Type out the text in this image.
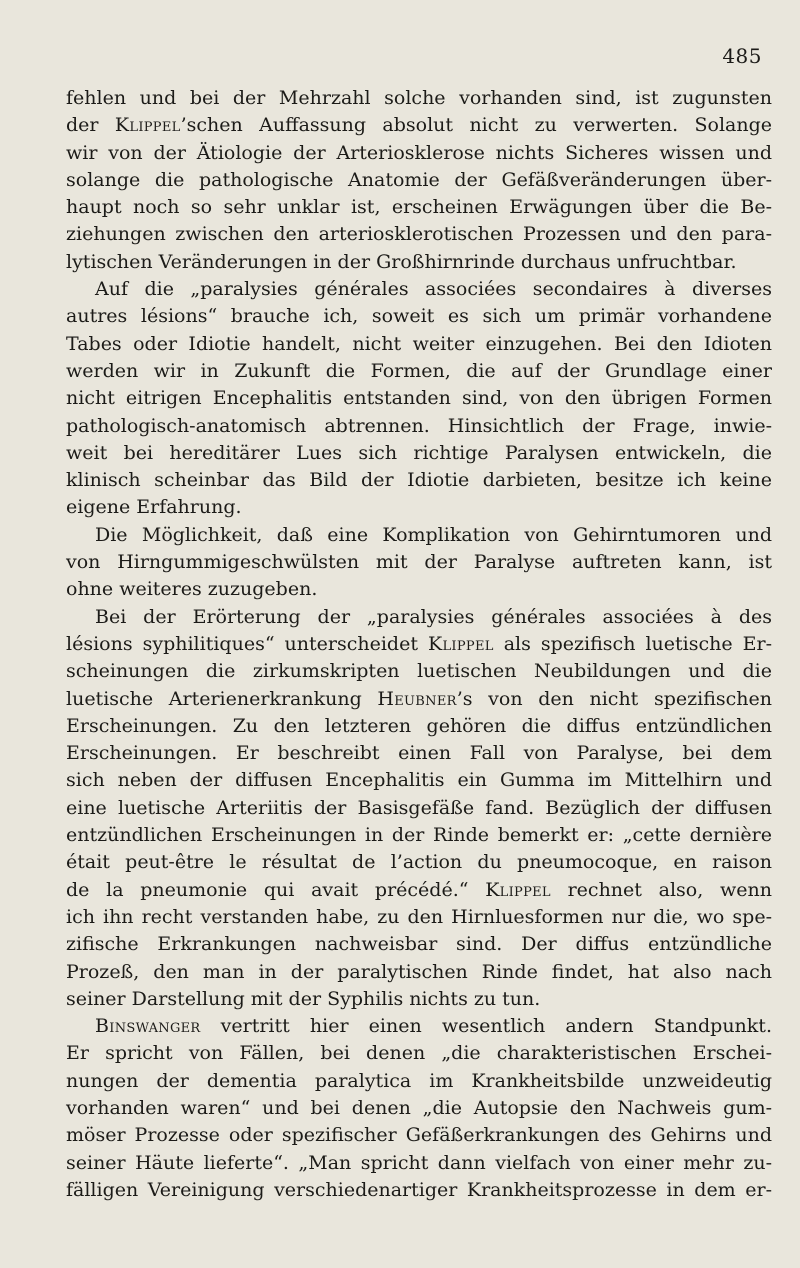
485
fehlen und bei der Mehrzahl solche vorhanden sind, ist zugunsten
der Klippel’schen Auffassung absolut nicht zu verwerten. Solange
wir von der Ätiologie der Arteriosklerose nichts Sicheres wissen und
solange die pathologische Anatomie der Gefäßveränderungen über-
haupt noch so sehr unklar ist, erscheinen Erwägungen über die Be-
ziehungen zwischen den arteriosklerotischen Prozessen und den para-
lytischen Veränderungen in der Großhirnrinde durchaus unfruchtbar.
Auf die „paralysies générales associées secondaires à diverses
autres lésions“ brauche ich, soweit es sich um primär vorhandene
Tabes oder Idiotie handelt, nicht weiter einzugehen. Bei den Idioten
werden wir in Zukunft die Formen, die auf der Grundlage einer
nicht eitrigen Encephalitis entstanden sind, von den übrigen Formen
pathologisch-anatomisch abtrennen. Hinsichtlich der Frage, inwie-
weit bei hereditärer Lues sich richtige Paralysen entwickeln, die
klinisch scheinbar das Bild der Idiotie darbieten, besitze ich keine
eigene Erfahrung.
Die Möglichkeit, daß eine Komplikation von Gehirntumoren und
von Hirngummigeschwülsten mit der Paralyse auftreten kann, ist
ohne weiteres zuzugeben.
Bei der Erörterung der „paralysies générales associées à des
lésions syphilitiques“ unterscheidet Klippel als spezifisch luetische Er-
scheinungen die zirkumskripten luetischen Neubildungen und die
luetische Arterienerkrankung Heubner’s von den nicht spezifischen
Erscheinungen. Zu den letzteren gehören die diffus entzündlichen
Erscheinungen. Er beschreibt einen Fall von Paralyse, bei dem
sich neben der diffusen Encephalitis ein Gumma im Mittelhirn und
eine luetische Arteriitis der Basisgefäße fand. Bezüglich der diffusen
entzündlichen Erscheinungen in der Rinde bemerkt er: „cette dernière
était peut-être le résultat de l’action du pneumocoque, en raison
de la pneumonie qui avait précédé.“ Klippel rechnet also, wenn
ich ihn recht verstanden habe, zu den Hirnluesformen nur die, wo spe-
zifische Erkrankungen nachweisbar sind. Der diffus entzündliche
Prozeß, den man in der paralytischen Rinde findet, hat also nach
seiner Darstellung mit der Syphilis nichts zu tun.
Binswanger vertritt hier einen wesentlich andern Standpunkt.
Er spricht von Fällen, bei denen „die charakteristischen Erschei-
nungen der dementia paralytica im Krankheitsbilde unzweideutig
vorhanden waren“ und bei denen „die Autopsie den Nachweis gum-
möser Prozesse oder spezifischer Gefäßerkrankungen des Gehirns und
seiner Häute lieferte“. „Man spricht dann vielfach von einer mehr zu-
fälligen Vereinigung verschiedenartiger Krankheitsprozesse in dem er-
